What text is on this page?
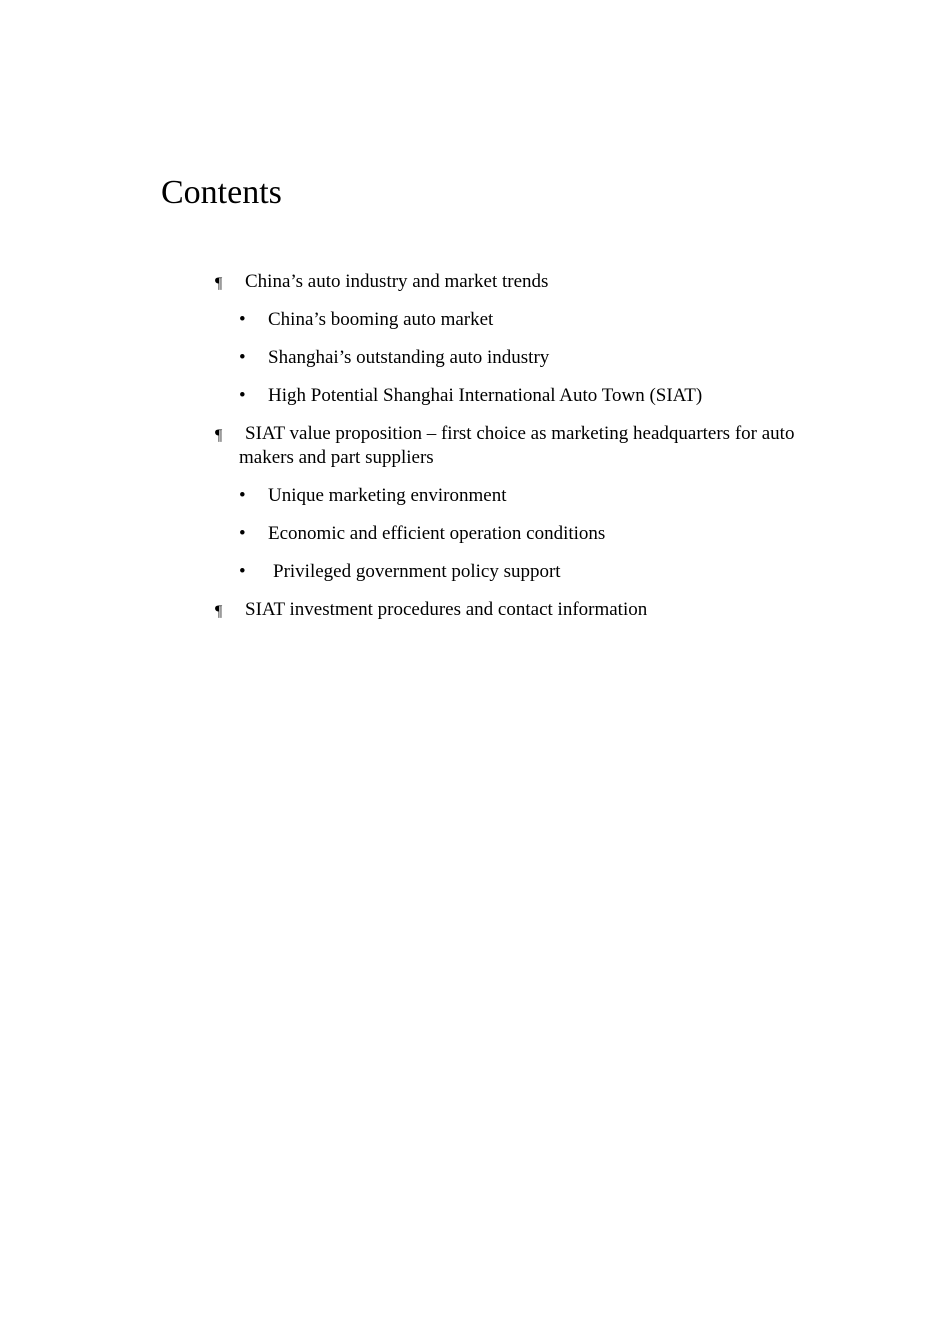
Contents
¶	China’s auto industry and market trends
• China’s booming auto market
• Shanghai’s outstanding auto industry
• High Potential Shanghai International Auto Town (SIAT)
¶	SIAT value proposition – first choice as marketing headquarters for auto
makers and part suppliers
• Unique marketing environment
• Economic and efficient operation conditions
• Privileged government policy support
¶	SIAT investment procedures and contact information
